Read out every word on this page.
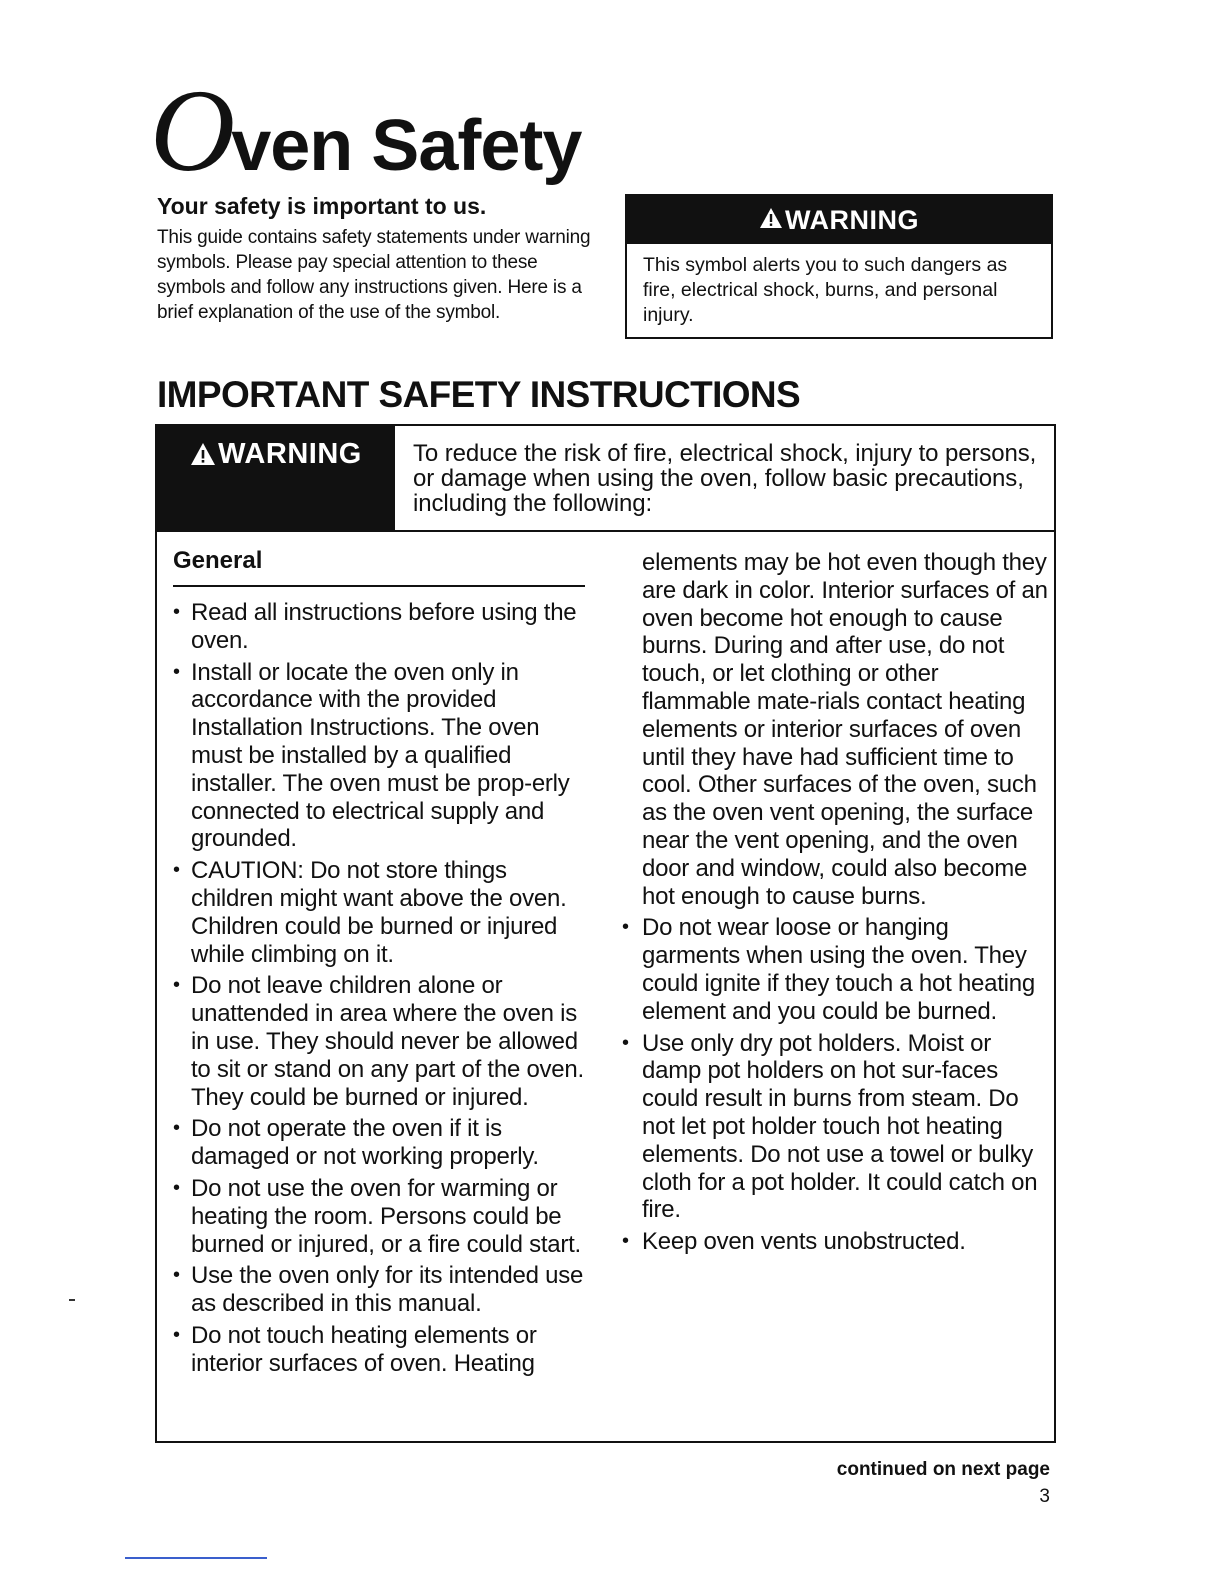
Oven Safety
Your safety is important to us.
This guide contains safety statements under warning symbols. Please pay special attention to these symbols and follow any instructions given. Here is a brief explanation of the use of the symbol.
WARNING
This symbol alerts you to such dangers as fire, electrical shock, burns, and personal injury.
IMPORTANT SAFETY INSTRUCTIONS
WARNING To reduce the risk of fire, electrical shock, injury to persons, or damage when using the oven, follow basic precautions, including the following:
General
• Read all instructions before using the oven.
• Install or locate the oven only in accordance with the provided Installation Instructions. The oven must be installed by a qualified installer. The oven must be prop-erly connected to electrical supply and grounded.
• CAUTION: Do not store things children might want above the oven. Children could be burned or injured while climbing on it.
• Do not leave children alone or unattended in area where the oven is in use. They should never be allowed to sit or stand on any part of the oven. They could be burned or injured.
• Do not operate the oven if it is damaged or not working properly.
• Do not use the oven for warming or heating the room. Persons could be burned or injured, or a fire could start.
• Use the oven only for its intended use as described in this manual.
• Do not touch heating elements or interior surfaces of oven. Heating
elements may be hot even though they are dark in color. Interior surfaces of an oven become hot enough to cause burns. During and after use, do not touch, or let clothing or other flammable mate-rials contact heating elements or interior surfaces of oven until they have had sufficient time to cool. Other surfaces of the oven, such as the oven vent opening, the surface near the vent opening, and the oven door and window, could also become hot enough to cause burns.
• Do not wear loose or hanging garments when using the oven. They could ignite if they touch a hot heating element and you could be burned.
• Use only dry pot holders. Moist or damp pot holders on hot sur-faces could result in burns from steam. Do not let pot holder touch hot heating elements. Do not use a towel or bulky cloth for a pot holder. It could catch on fire.
• Keep oven vents unobstructed.
continued on next page
3
